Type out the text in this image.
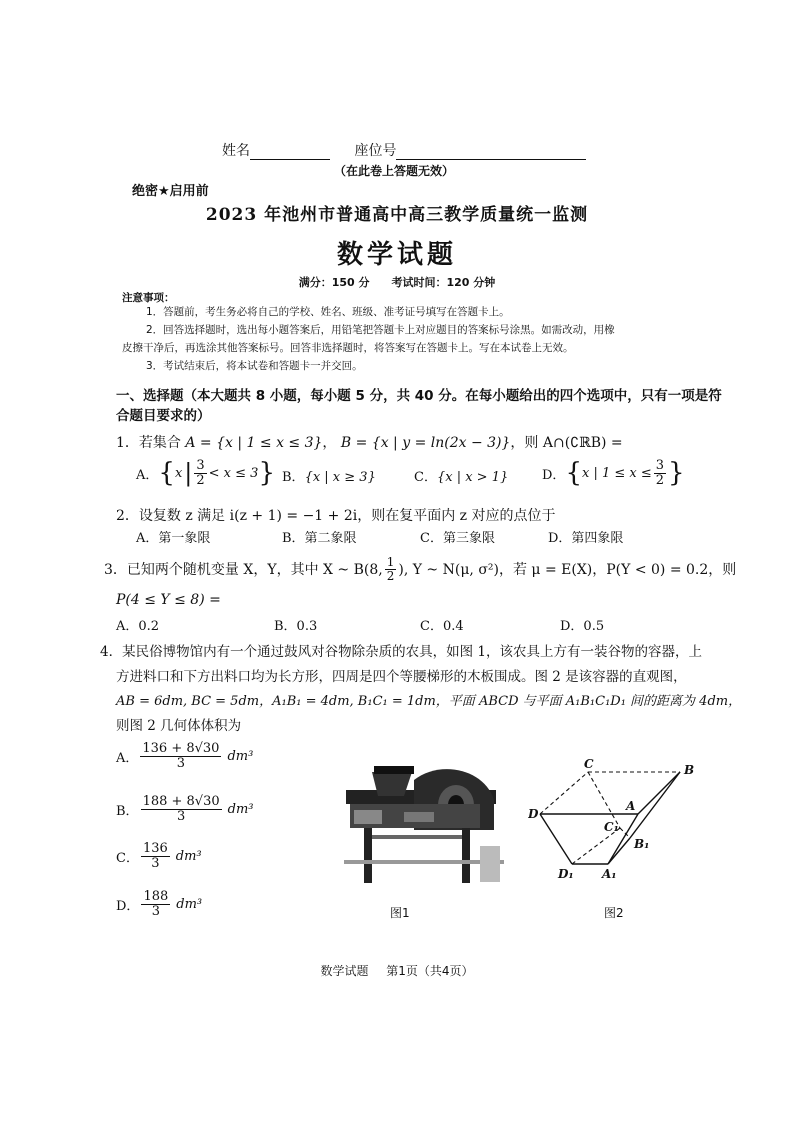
姓名	座位号
（在此卷上答题无效）
绝密★启用前
2023 年池州市普通高中高三教学质量统一监测
数学试题
满分：150 分　　考试时间：120 分钟
注意事项：
1．答题前，考生务必将自己的学校、姓名、班级、准考证号填写在答题卡上。
2．回答选择题时，选出每小题答案后，用铅笔把答题卡上对应题目的答案标号涂黑。如需改动，用橡
皮擦干净后，再选涂其他答案标号。回答非选择题时，将答案写在答题卡上。写在本试卷上无效。
3．考试结束后，将本试卷和答题卡一并交回。
一、选择题（本大题共 8 小题，每小题 5 分，共 40 分。在每小题给出的四个选项中，只有一项是符
合题目要求的）
1．若集合 A = {x | 1 ≤ x ≤ 3}， B = {x | y = ln(2x − 3)}，则 A∩(∁ℝB) =
A． { x | $\frac{3}{2} < x \le 3$ } B．{x | x ≥ 3}	C．{x | x > 1}	D． { x | $1 \le x \le \frac{3}{2}$ }
2．设复数 z 满足 i(z + 1) = −1 + 2i，则在复平面内 z 对应的点位于
A．第一象限	B．第二象限	C．第三象限	D．第四象限
3．已知两个随机变量 X，Y，其中 X ~ B(8, $\frac{1}{2}$ ), Y ~ N(μ, σ²)，若 μ = E(X)，P(Y < 0) = 0.2，则
P(4 ≤ Y ≤ 8) =
A．0.2	B．0.3	C．0.4	D．0.5
4．某民俗博物馆内有一个通过鼓风对谷物除杂质的农具，如图 1，该农具上方有一装谷物的容器，上
方进料口和下方出料口均为长方形，四周是四个等腰梯形的木板围成。图 2 是该容器的直观图，
AB = 6dm, BC = 5dm，A₁B₁ = 4dm, B₁C₁ = 1dm，平面 ABCD 与平面 A₁B₁C₁D₁ 间的距离为 4dm，
则图 2 几何体体积为
A． $\frac{136 + 8√30}{3} dm^3$
B． $\frac{188 + 8√30}{3} dm^3$
C． $\frac{136}{3} dm^3$
D． $\frac{188}{3} dm^3$
图1
C	B
D
A
C₁
B₁
D₁ A₁
图2
数学试题 第1页（共4页）
